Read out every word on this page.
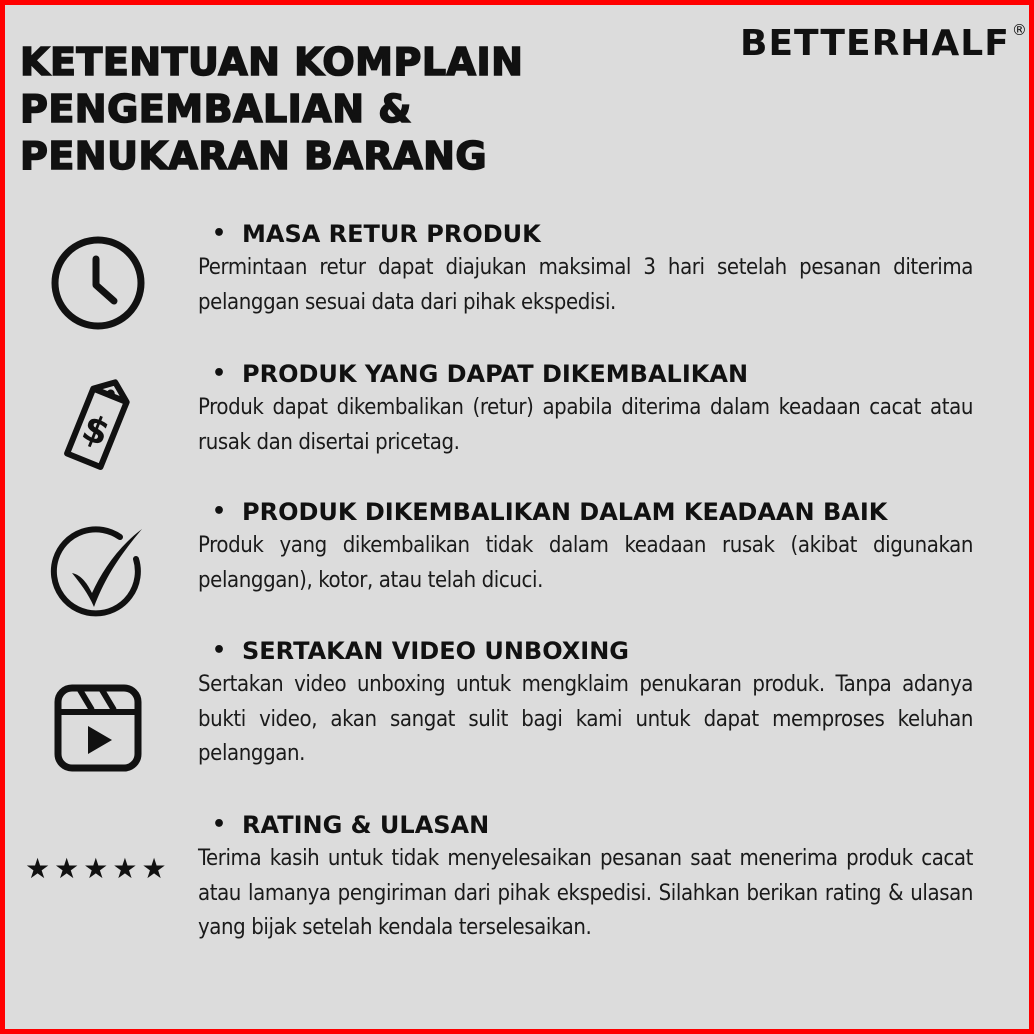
KETENTUAN KOMPLAIN
PENGEMBALIAN &
PENUKARAN BARANG
BETTERHALF ®
$
★ ★ ★ ★ ★
• MASA RETUR PRODUK

Permintaan retur dapat diajukan maksimal 3 hari setelah pesanan diterima pelanggan sesuai data dari pihak ekspedisi.

• PRODUK YANG DAPAT DIKEMBALIKAN

Produk dapat dikembalikan (retur) apabila diterima dalam keadaan cacat atau rusak dan disertai pricetag.

• PRODUK DIKEMBALIKAN DALAM KEADAAN BAIK

Produk yang dikembalikan tidak dalam keadaan rusak (akibat digunakan pelanggan), kotor, atau telah dicuci.

• SERTAKAN VIDEO UNBOXING

Sertakan video unboxing untuk mengklaim penukaran produk. Tanpa adanya bukti video, akan sangat sulit bagi kami untuk dapat memproses keluhan pelanggan.

• RATING & ULASAN

Terima kasih untuk tidak menyelesaikan pesanan saat menerima produk cacat atau lamanya pengiriman dari pihak ekspedisi. Silahkan berikan rating & ulasan yang bijak setelah kendala terselesaikan.
